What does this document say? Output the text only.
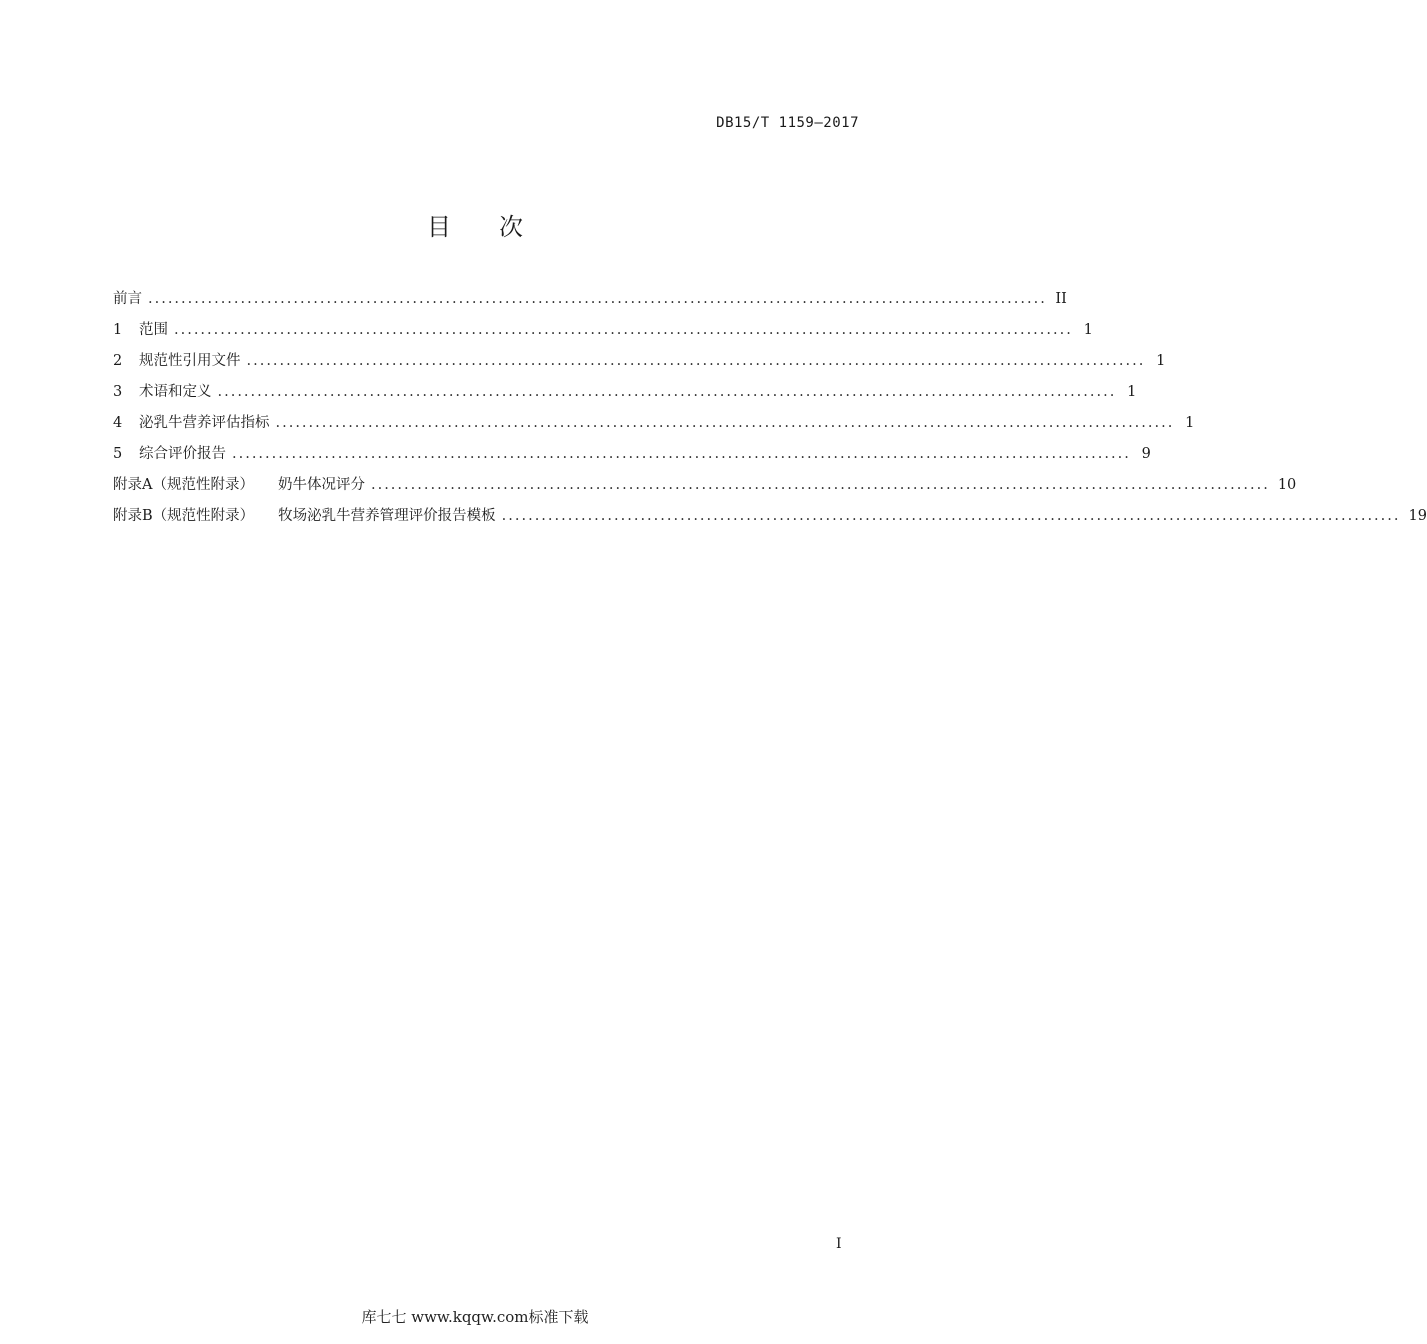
DB15/T 1159—2017
目次
前言 ........................................................................................................................................ II
1	范围 ........................................................................................................................................ 1
2	规范性引用文件 ........................................................................................................................................ 1
3	术语和定义 ........................................................................................................................................ 1
4	泌乳牛营养评估指标 ........................................................................................................................................ 1
5	综合评价报告 ........................................................................................................................................ 9
附录A（规范性附录） 奶牛体况评分 ........................................................................................................................................ 10
附录B（规范性附录） 牧场泌乳牛营养管理评价报告模板 ........................................................................................................................................ 19
I
库七七 www.kqqw.com标准下载
